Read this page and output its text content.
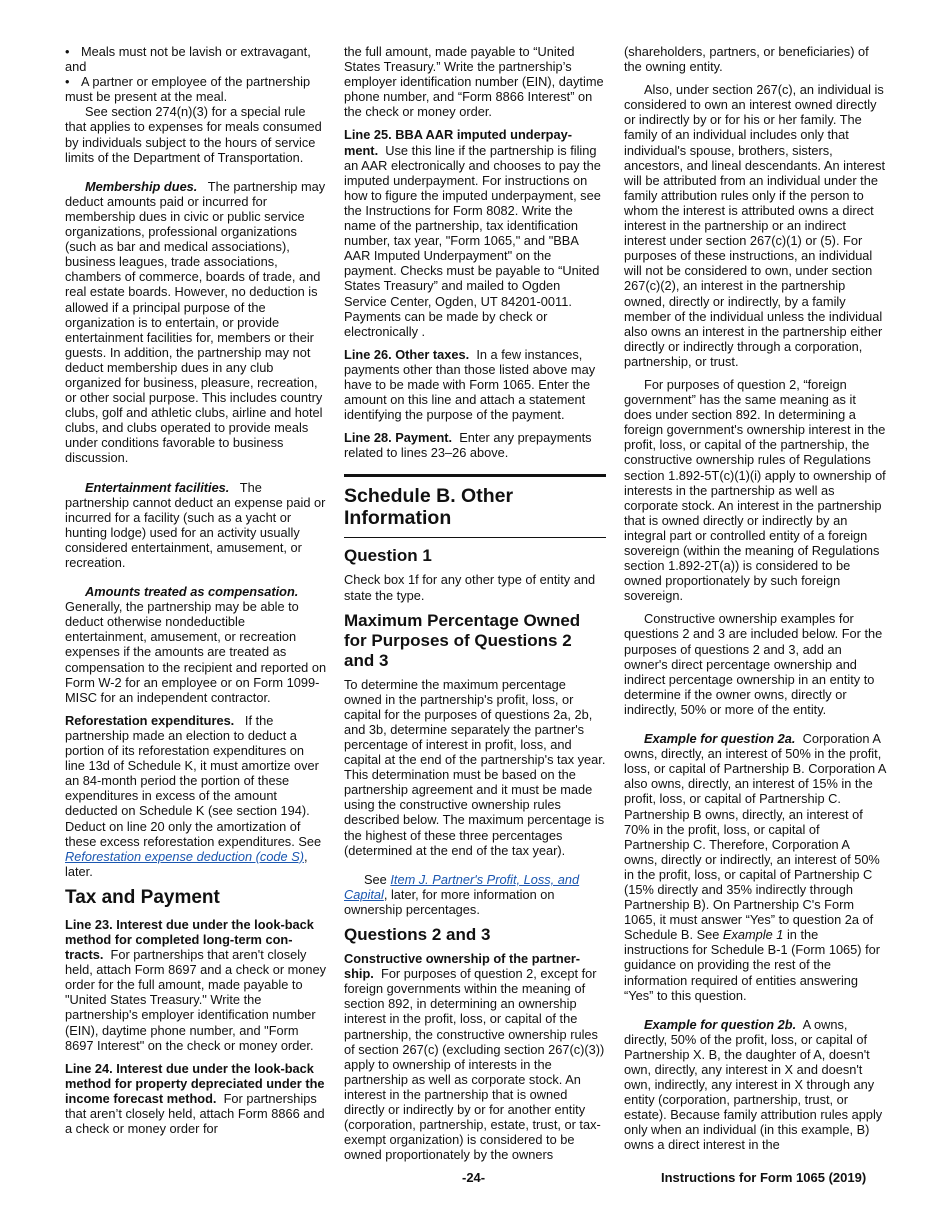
• Meals must not be lavish or extravagant, and

• A partner or employee of the partnership must be present at the meal.

See section 274(n)(3) for a special rule that applies to expenses for meals consumed by individuals subject to the hours of service limits of the Department of Transportation.

Membership dues. The partnership may deduct amounts paid or incurred for membership dues in civic or public service organizations, professional organizations (such as bar and medical associations), business leagues, trade associations, chambers of commerce, boards of trade, and real estate boards. However, no deduction is allowed if a principal purpose of the organization is to entertain, or provide entertainment facilities for, members or their guests. In addition, the partnership may not deduct membership dues in any club organized for business, pleasure, recreation, or other social purpose. This includes country clubs, golf and athletic clubs, airline and hotel clubs, and clubs operated to provide meals under conditions favorable to business discussion.

Entertainment facilities. The partnership cannot deduct an expense paid or incurred for a facility (such as a yacht or hunting lodge) used for an activity usually considered entertainment, amusement, or recreation.

Amounts treated as compensation. Generally, the partnership may be able to deduct otherwise nondeductible entertainment, amusement, or recreation expenses if the amounts are treated as compensation to the recipient and reported on Form W-2 for an employee or on Form 1099-MISC for an independent contractor.

Reforestation expenditures. If the partnership made an election to deduct a portion of its reforestation expenditures on line 13d of Schedule K, it must amortize over an 84-month period the portion of these expenditures in excess of the amount deducted on Schedule K (see section 194). Deduct on line 20 only the amortization of these excess reforestation expenditures. See Reforestation expense deduction (code S), later.

Tax and Payment

Line 23. Interest due under the look-back method for completed long-term con-tracts. For partnerships that aren't closely held, attach Form 8697 and a check or money order for the full amount, made payable to "United States Treasury." Write the partnership's employer identification number (EIN), daytime phone number, and "Form 8697 Interest" on the check or money order.

Line 24. Interest due under the look-back method for property depreciated under the income forecast method. For partnerships that aren’t closely held, attach Form 8866 and a check or money order for

the full amount, made payable to “United States Treasury.” Write the partnership’s employer identification number (EIN), daytime phone number, and “Form 8866 Interest” on the check or money order.

Line 25. BBA AAR imputed underpay-ment. Use this line if the partnership is filing an AAR electronically and chooses to pay the imputed underpayment. For instructions on how to figure the imputed underpayment, see the Instructions for Form 8082. Write the name of the partnership, tax identification number, tax year, "Form 1065," and "BBA AAR Imputed Underpayment" on the payment. Checks must be payable to “United States Treasury” and mailed to Ogden Service Center, Ogden, UT 84201-0011. Payments can be made by check or electronically .

Line 26. Other taxes. In a few instances, payments other than those listed above may have to be made with Form 1065. Enter the amount on this line and attach a statement identifying the purpose of the payment.

Line 28. Payment. Enter any prepayments related to lines 23–26 above.

Schedule B. Other Information
Question 1

Check box 1f for any other type of entity and state the type.

Maximum Percentage Owned for Purposes of Questions 2 and 3

To determine the maximum percentage owned in the partnership's profit, loss, or capital for the purposes of questions 2a, 2b, and 3b, determine separately the partner's percentage of interest in profit, loss, and capital at the end of the partnership's tax year. This determination must be based on the partnership agreement and it must be made using the constructive ownership rules described below. The maximum percentage is the highest of these three percentages (determined at the end of the tax year).

See Item J. Partner's Profit, Loss, and Capital, later, for more information on ownership percentages.

Questions 2 and 3

Constructive ownership of the partner-ship. For purposes of question 2, except for foreign governments within the meaning of section 892, in determining an ownership interest in the profit, loss, or capital of the partnership, the constructive ownership rules of section 267(c) (excluding section 267(c)(3)) apply to ownership of interests in the partnership as well as corporate stock. An interest in the partnership that is owned directly or indirectly by or for another entity (corporation, partnership, estate, trust, or tax-exempt organization) is considered to be owned proportionately by the owners

(shareholders, partners, or beneficiaries) of the owning entity.

Also, under section 267(c), an individual is considered to own an interest owned directly or indirectly by or for his or her family. The family of an individual includes only that individual's spouse, brothers, sisters, ancestors, and lineal descendants. An interest will be attributed from an individual under the family attribution rules only if the person to whom the interest is attributed owns a direct interest in the partnership or an indirect interest under section 267(c)(1) or (5). For purposes of these instructions, an individual will not be considered to own, under section 267(c)(2), an interest in the partnership owned, directly or indirectly, by a family member of the individual unless the individual also owns an interest in the partnership either directly or indirectly through a corporation, partnership, or trust.

For purposes of question 2, “foreign government” has the same meaning as it does under section 892. In determining a foreign government's ownership interest in the profit, loss, or capital of the partnership, the constructive ownership rules of Regulations section 1.892-5T(c)(1)(i) apply to ownership of interests in the partnership as well as corporate stock. An interest in the partnership that is owned directly or indirectly by an integral part or controlled entity of a foreign sovereign (within the meaning of Regulations section 1.892-2T(a)) is considered to be owned proportionately by such foreign sovereign.

Constructive ownership examples for questions 2 and 3 are included below. For the purposes of questions 2 and 3, add an owner's direct percentage ownership and indirect percentage ownership in an entity to determine if the owner owns, directly or indirectly, 50% or more of the entity.

Example for question 2a. Corporation A owns, directly, an interest of 50% in the profit, loss, or capital of Partnership B. Corporation A also owns, directly, an interest of 15% in the profit, loss, or capital of Partnership C. Partnership B owns, directly, an interest of 70% in the profit, loss, or capital of Partnership C. Therefore, Corporation A owns, directly or indirectly, an interest of 50% in the profit, loss, or capital of Partnership C (15% directly and 35% indirectly through Partnership B). On Partnership C's Form 1065, it must answer “Yes” to question 2a of Schedule B. See Example 1 in the instructions for Schedule B-1 (Form 1065) for guidance on providing the rest of the information required of entities answering “Yes” to this question.

Example for question 2b. A owns, directly, 50% of the profit, loss, or capital of Partnership X. B, the daughter of A, doesn't own, directly, any interest in X and doesn't own, indirectly, any interest in X through any entity (corporation, partnership, trust, or estate). Because family attribution rules apply only when an individual (in this example, B) owns a direct interest in the

-24-	Instructions for Form 1065 (2019)
